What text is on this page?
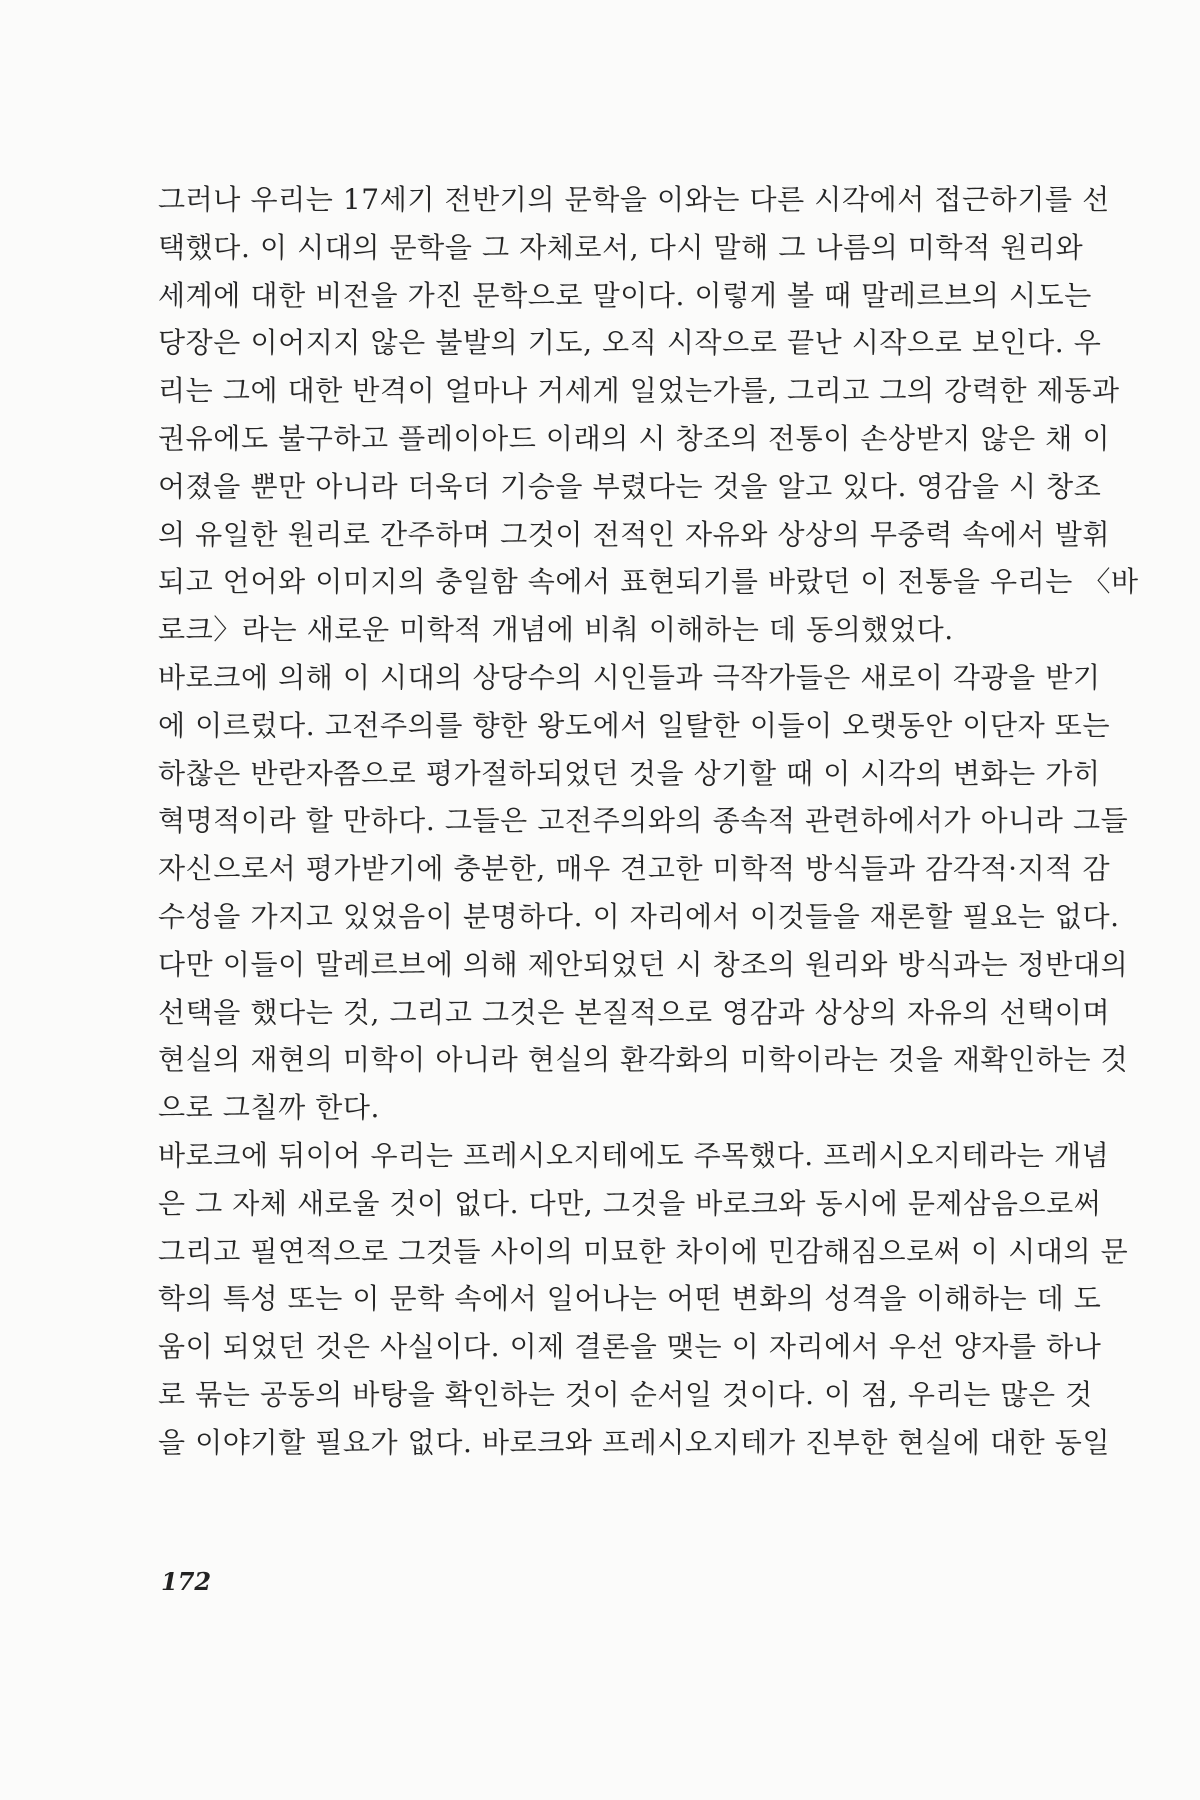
그러나 우리는 17세기 전반기의 문학을 이와는 다른 시각에서 접근하기를 선
택했다. 이 시대의 문학을 그 자체로서, 다시 말해 그 나름의 미학적 원리와
세계에 대한 비전을 가진 문학으로 말이다. 이렇게 볼 때 말레르브의 시도는
당장은 이어지지 않은 불발의 기도, 오직 시작으로 끝난 시작으로 보인다. 우
리는 그에 대한 반격이 얼마나 거세게 일었는가를, 그리고 그의 강력한 제동과
권유에도 불구하고 플레이아드 이래의 시 창조의 전통이 손상받지 않은 채 이
어졌을 뿐만 아니라 더욱더 기승을 부렸다는 것을 알고 있다. 영감을 시 창조
의 유일한 원리로 간주하며 그것이 전적인 자유와 상상의 무중력 속에서 발휘
되고 언어와 이미지의 충일함 속에서 표현되기를 바랐던 이 전통을 우리는 〈바
로크〉라는 새로운 미학적 개념에 비춰 이해하는 데 동의했었다.
바로크에 의해 이 시대의 상당수의 시인들과 극작가들은 새로이 각광을 받기
에 이르렀다. 고전주의를 향한 왕도에서 일탈한 이들이 오랫동안 이단자 또는
하찮은 반란자쯤으로 평가절하되었던 것을 상기할 때 이 시각의 변화는 가히
혁명적이라 할 만하다. 그들은 고전주의와의 종속적 관련하에서가 아니라 그들
자신으로서 평가받기에 충분한, 매우 견고한 미학적 방식들과 감각적·지적 감
수성을 가지고 있었음이 분명하다. 이 자리에서 이것들을 재론할 필요는 없다.
다만 이들이 말레르브에 의해 제안되었던 시 창조의 원리와 방식과는 정반대의
선택을 했다는 것, 그리고 그것은 본질적으로 영감과 상상의 자유의 선택이며
현실의 재현의 미학이 아니라 현실의 환각화의 미학이라는 것을 재확인하는 것
으로 그칠까 한다.
바로크에 뒤이어 우리는 프레시오지테에도 주목했다. 프레시오지테라는 개념
은 그 자체 새로울 것이 없다. 다만, 그것을 바로크와 동시에 문제삼음으로써
그리고 필연적으로 그것들 사이의 미묘한 차이에 민감해짐으로써 이 시대의 문
학의 특성 또는 이 문학 속에서 일어나는 어떤 변화의 성격을 이해하는 데 도
움이 되었던 것은 사실이다. 이제 결론을 맺는 이 자리에서 우선 양자를 하나
로 묶는 공동의 바탕을 확인하는 것이 순서일 것이다. 이 점, 우리는 많은 것
을 이야기할 필요가 없다. 바로크와 프레시오지테가 진부한 현실에 대한 동일
172
